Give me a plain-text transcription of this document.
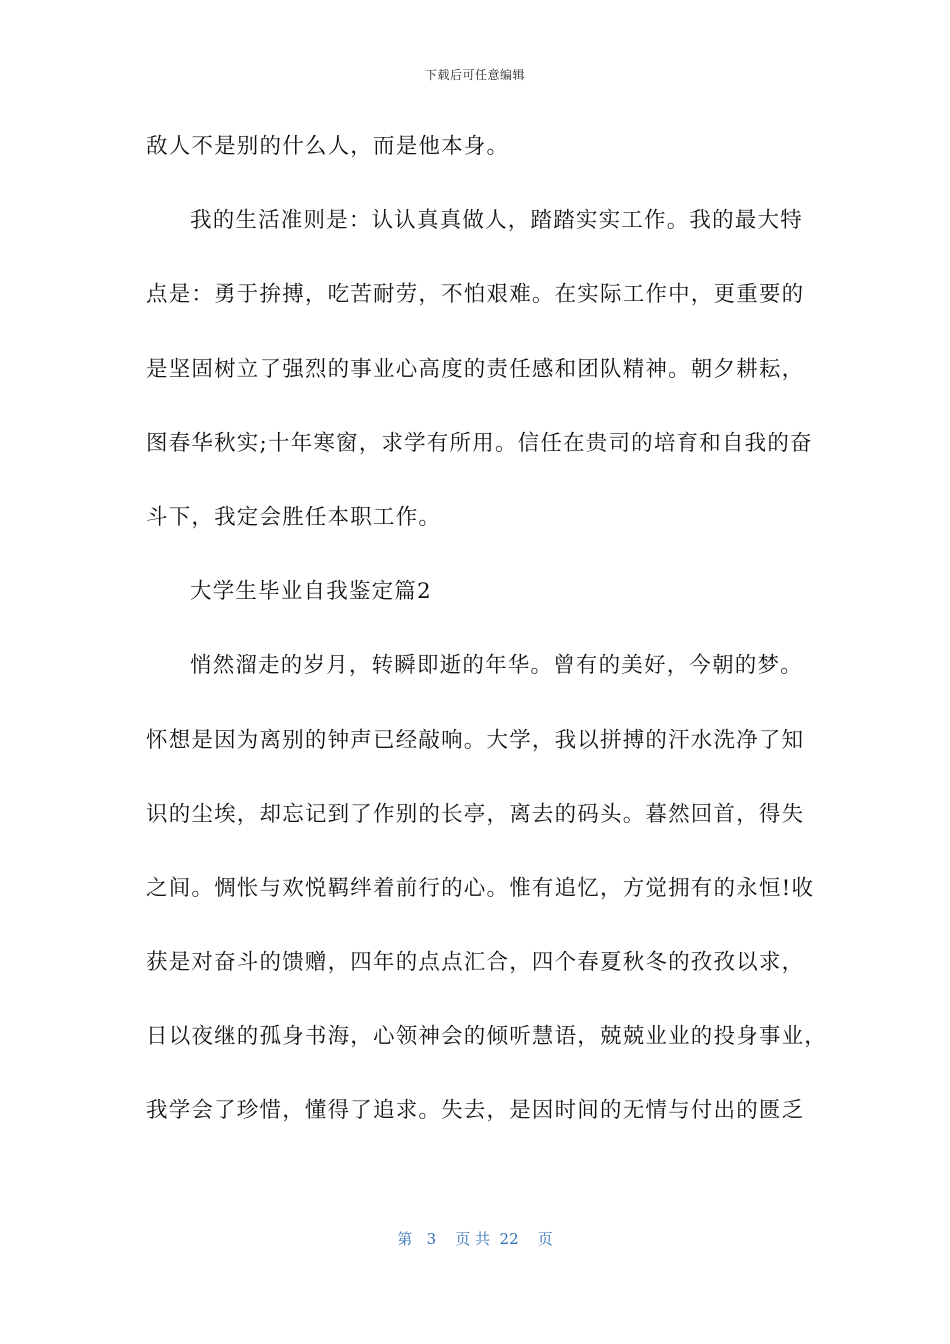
下载后可任意编辑
敌人不是别的什么人，而是他本身。
我的生活准则是：认认真真做人，踏踏实实工作。我的最大特
点是：勇于拚搏，吃苦耐劳，不怕艰难。在实际工作中，更重要的
是坚固树立了强烈的事业心高度的责任感和团队精神。朝夕耕耘，
图春华秋实;十年寒窗，求学有所用。信任在贵司的培育和自我的奋
斗下，我定会胜任本职工作。
大学生毕业自我鉴定篇2
悄然溜走的岁月，转瞬即逝的年华。曾有的美好，今朝的梦。
怀想是因为离别的钟声已经敲响。大学，我以拼搏的汗水洗净了知
识的尘埃，却忘记到了作别的长亭，离去的码头。暮然回首，得失
之间。惆怅与欢悦羁绊着前行的心。惟有追忆，方觉拥有的永恒!收
获是对奋斗的馈赠，四年的点点汇合，四个春夏秋冬的孜孜以求，
日以夜继的孤身书海，心领神会的倾听慧语，兢兢业业的投身事业，
我学会了珍惜，懂得了追求。失去，是因时间的无情与付出的匮乏
第 3 页 共 22 页
